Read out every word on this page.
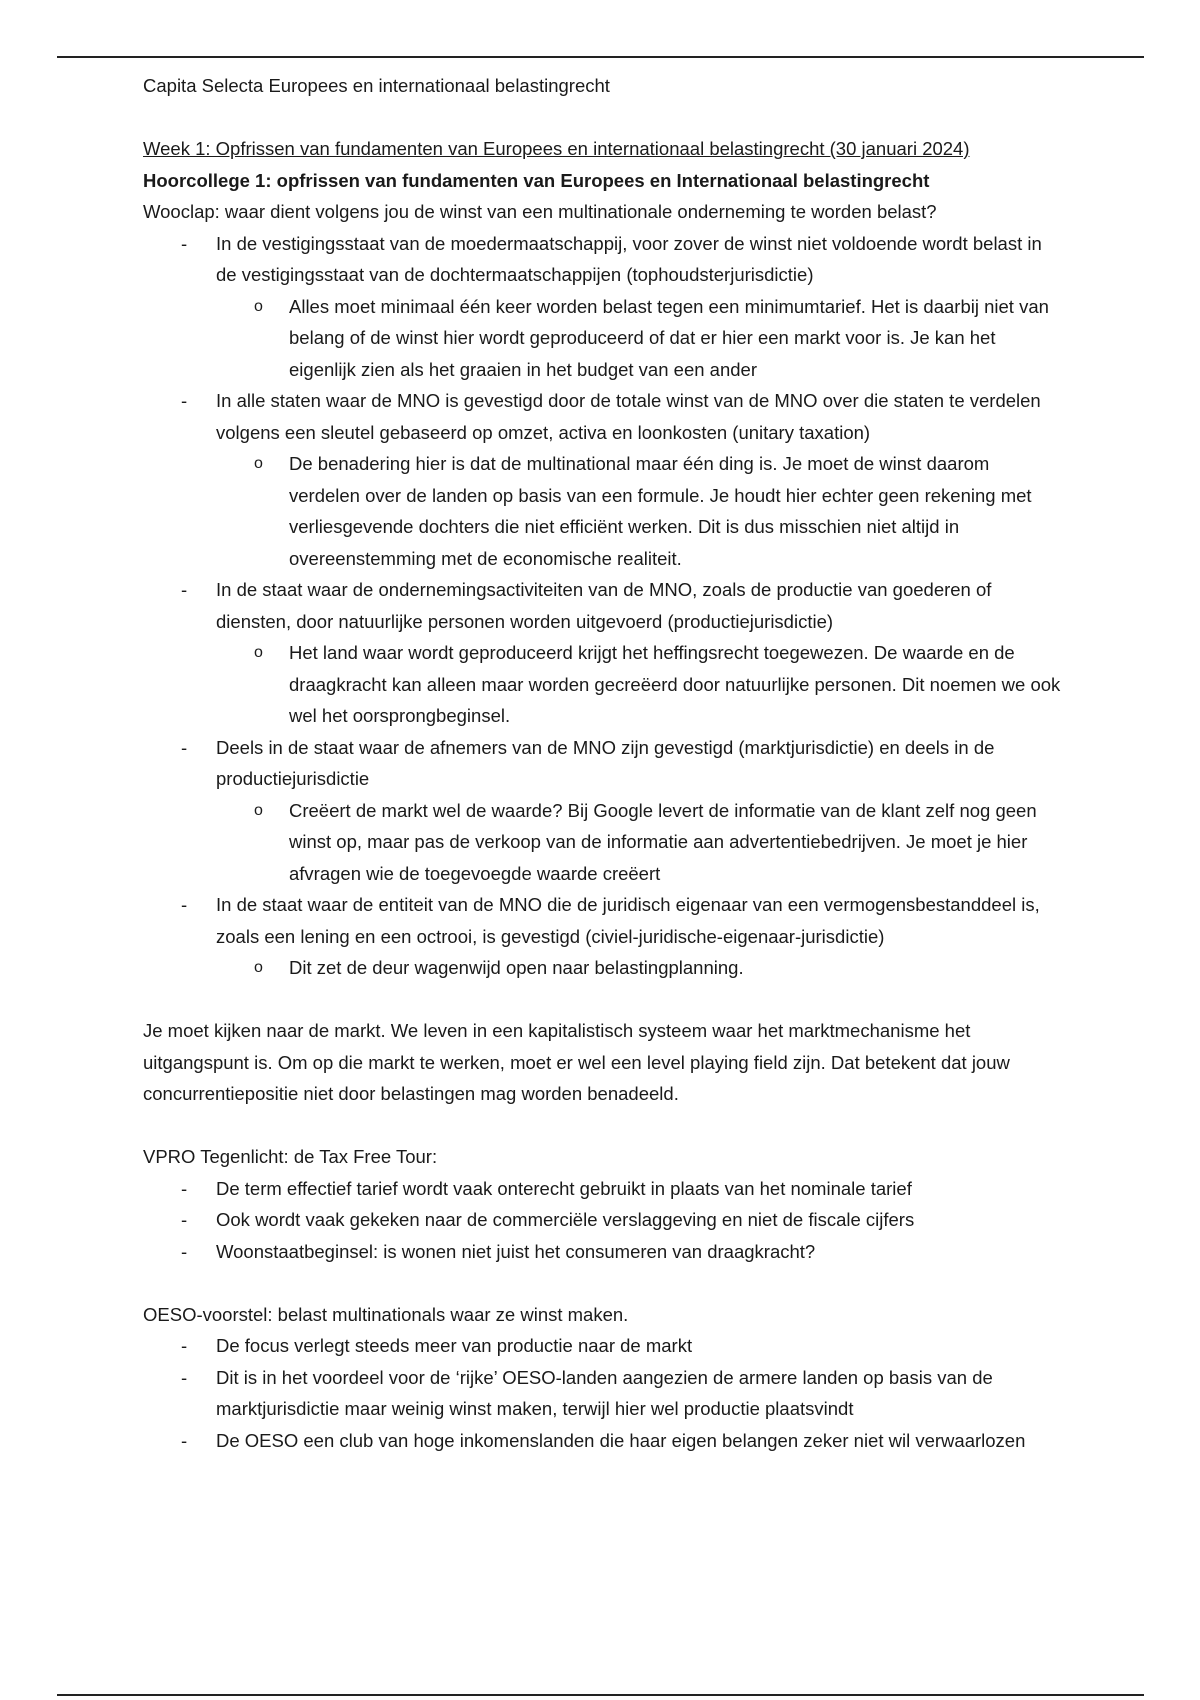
Capita Selecta Europees en internationaal belastingrecht

Week 1: Opfrissen van fundamenten van Europees en internationaal belastingrecht (30 januari 2024)

Hoorcollege 1: opfrissen van fundamenten van Europees en Internationaal belastingrecht

Wooclap: waar dient volgens jou de winst van een multinationale onderneming te worden belast?

- In de vestigingsstaat van de moedermaatschappij, voor zover de winst niet voldoende wordt belast in de vestigingsstaat van de dochtermaatschappijen (tophoudsterjurisdictie)
o Alles moet minimaal één keer worden belast tegen een minimumtarief. Het is daarbij niet van belang of de winst hier wordt geproduceerd of dat er hier een markt voor is. Je kan het eigenlijk zien als het graaien in het budget van een ander
- In alle staten waar de MNO is gevestigd door de totale winst van de MNO over die staten te verdelen volgens een sleutel gebaseerd op omzet, activa en loonkosten (unitary taxation)
o De benadering hier is dat de multinational maar één ding is. Je moet de winst daarom verdelen over de landen op basis van een formule. Je houdt hier echter geen rekening met verliesgevende dochters die niet efficiënt werken. Dit is dus misschien niet altijd in overeenstemming met de economische realiteit.
- In de staat waar de ondernemingsactiviteiten van de MNO, zoals de productie van goederen of diensten, door natuurlijke personen worden uitgevoerd (productiejurisdictie)
o Het land waar wordt geproduceerd krijgt het heffingsrecht toegewezen. De waarde en de draagkracht kan alleen maar worden gecreëerd door natuurlijke personen. Dit noemen we ook wel het oorsprongbeginsel.
- Deels in de staat waar de afnemers van de MNO zijn gevestigd (marktjurisdictie) en deels in de productiejurisdictie
o Creëert de markt wel de waarde? Bij Google levert de informatie van de klant zelf nog geen winst op, maar pas de verkoop van de informatie aan advertentiebedrijven. Je moet je hier afvragen wie de toegevoegde waarde creëert
- In de staat waar de entiteit van de MNO die de juridisch eigenaar van een vermogensbestanddeel is, zoals een lening en een octrooi, is gevestigd (civiel-juridische-eigenaar-jurisdictie)
o Dit zet de deur wagenwijd open naar belastingplanning.

Je moet kijken naar de markt. We leven in een kapitalistisch systeem waar het marktmechanisme het uitgangspunt is. Om op die markt te werken, moet er wel een level playing field zijn. Dat betekent dat jouw concurrentiepositie niet door belastingen mag worden benadeeld.

VPRO Tegenlicht: de Tax Free Tour:

- De term effectief tarief wordt vaak onterecht gebruikt in plaats van het nominale tarief
- Ook wordt vaak gekeken naar de commerciële verslaggeving en niet de fiscale cijfers
- Woonstaatbeginsel: is wonen niet juist het consumeren van draagkracht?

OESO-voorstel: belast multinationals waar ze winst maken.

- De focus verlegt steeds meer van productie naar de markt
- Dit is in het voordeel voor de ‘rijke’ OESO-landen aangezien de armere landen op basis van de marktjurisdictie maar weinig winst maken, terwijl hier wel productie plaatsvindt
- De OESO een club van hoge inkomenslanden die haar eigen belangen zeker niet wil verwaarlozen
